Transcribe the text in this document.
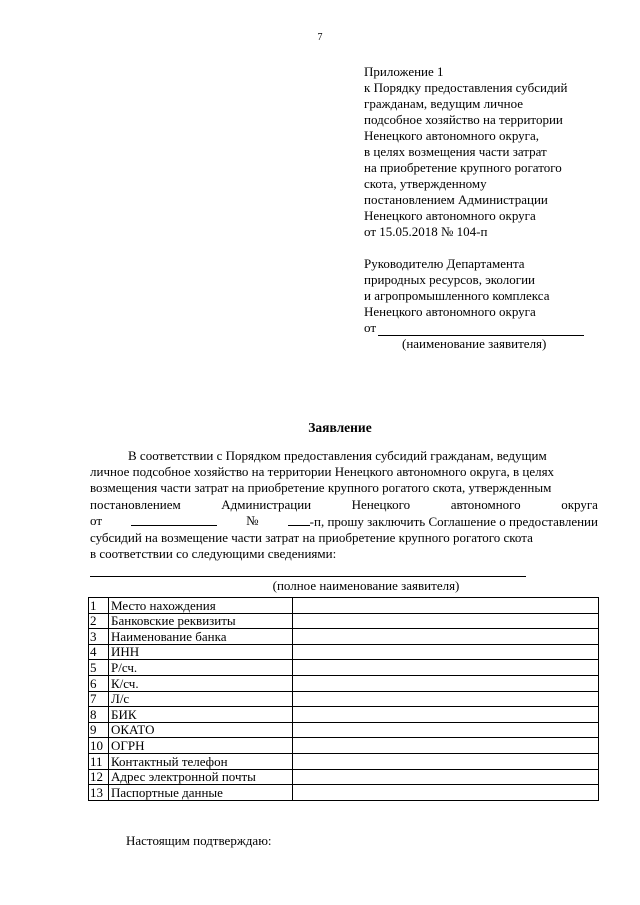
7
Приложение 1
к Порядку предоставления субсидий
гражданам, ведущим личное
подсобное хозяйство на территории
Ненецкого автономного округа,
в целях возмещения части затрат
на приобретение крупного рогатого
скота, утвержденному
постановлением Администрации
Ненецкого автономного округа
от 15.05.2018 № 104-п
Руководителю Департамента
природных ресурсов, экологии
и агропромышленного комплекса
Ненецкого автономного округа
от
(наименование заявителя)
Заявление

В соответствии с Порядком предоставления субсидий гражданам, ведущим

личное подсобное хозяйство на территории Ненецкого автономного округа, в целях
возмещения части затрат на приобретение крупного рогатого скота, утвержденным
постановлением	Администрации	Ненецкого	автономного	округа
от	№	-п, прошу заключить Соглашение о предоставлении
субсидий на возмещение части затрат на приобретение крупного рогатого скота
в соответствии со следующими сведениями:
(полное наименование заявителя)
1	Место нахождения	
2	Банковские реквизиты	
3	Наименование банка	
4	ИНН	
5	Р/сч.	
6	К/сч.	
7	Л/с	
8	БИК	
9	ОКАТО	
10	ОГРН	
11	Контактный телефон	
12	Адрес электронной почты	
13	Паспортные данные	
Настоящим подтверждаю:
